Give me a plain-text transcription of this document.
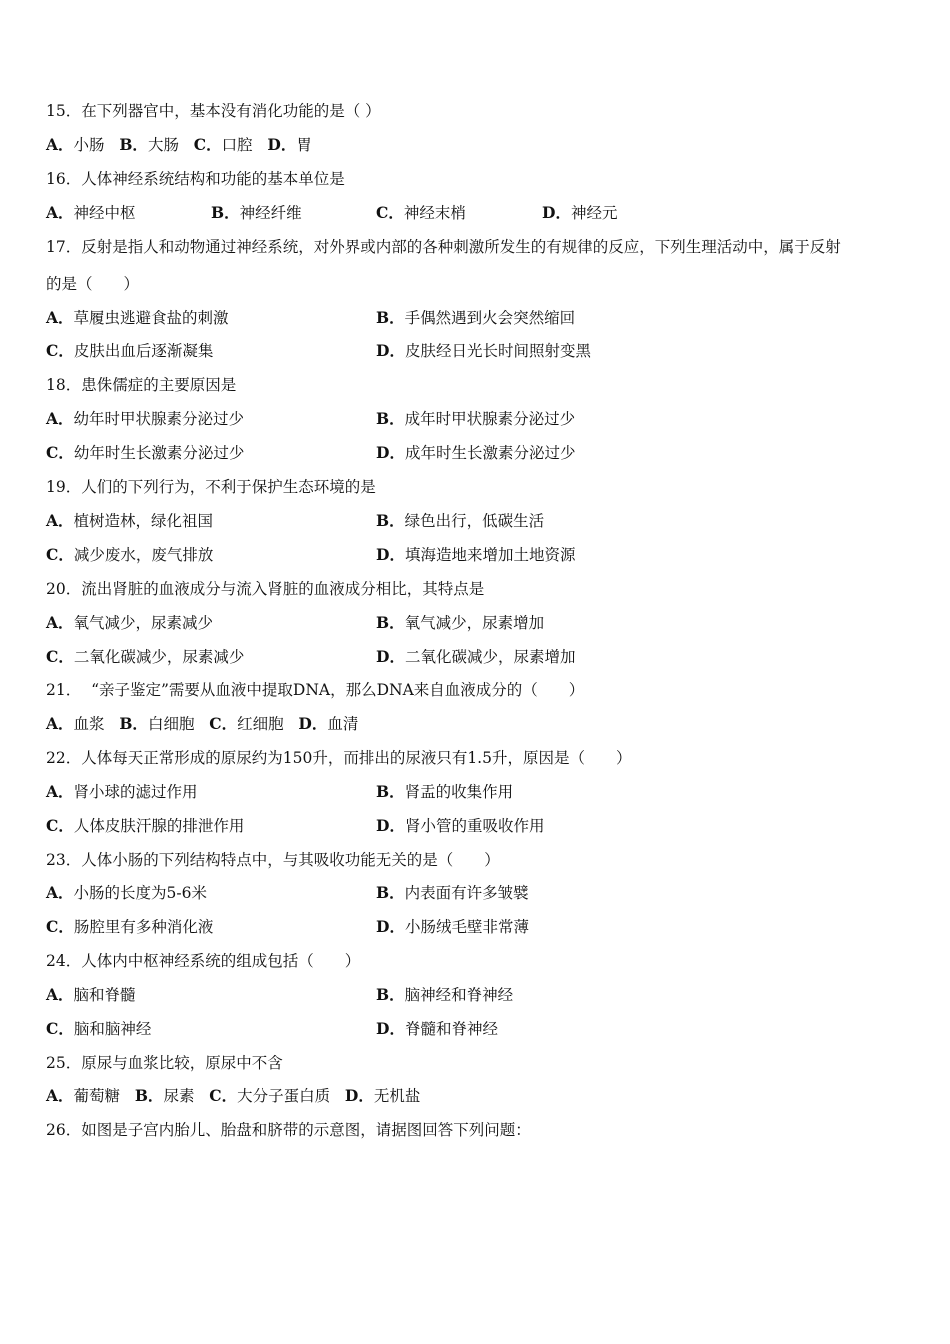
15．在下列器官中，基本没有消化功能的是（ ）
A．小肠 B．大肠 C．口腔 D．胃
16．人体神经系统结构和功能的基本单位是
A．神经中枢	B．神经纤维	C．神经末梢	D．神经元
17．反射是指人和动物通过神经系统，对外界或内部的各种刺激所发生的有规律的反应，下列生理活动中，属于反射
的是（　　）
A．草履虫逃避食盐的刺激	B．手偶然遇到火会突然缩回
C．皮肤出血后逐渐凝集	D．皮肤经日光长时间照射变黑
18．患侏儒症的主要原因是
A．幼年时甲状腺素分泌过少	B．成年时甲状腺素分泌过少
C．幼年时生长激素分泌过少	D．成年时生长激素分泌过少
19．人们的下列行为，不利于保护生态环境的是
A．植树造林，绿化祖国	B．绿色出行，低碳生活
C．减少废水，废气排放	D．填海造地来增加土地资源
20．流出肾脏的血液成分与流入肾脏的血液成分相比，其特点是
A．氧气减少，尿素减少	B．氧气减少，尿素增加
C．二氧化碳减少，尿素减少	D．二氧化碳减少，尿素增加
21．  “亲子鉴定”需要从血液中提取DNA，那么DNA来自血液成分的（　　）
A．血浆 B．白细胞 C．红细胞 D．血清
22．人体每天正常形成的原尿约为150升，而排出的尿液只有1.5升，原因是（　　）
A．肾小球的滤过作用	B．肾盂的收集作用
C．人体皮肤汗腺的排泄作用	D．肾小管的重吸收作用
23．人体小肠的下列结构特点中，与其吸收功能无关的是（　　）
A．小肠的长度为5-6米	B．内表面有许多皱襞
C．肠腔里有多种消化液	D．小肠绒毛壁非常薄
24．人体内中枢神经系统的组成包括（　　）
A．脑和脊髓	B．脑神经和脊神经
C．脑和脑神经	D．脊髓和脊神经
25．原尿与血浆比较，原尿中不含
A．葡萄糖 B．尿素 C．大分子蛋白质 D．无机盐
26．如图是子宫内胎儿、胎盘和脐带的示意图，请据图回答下列问题：
